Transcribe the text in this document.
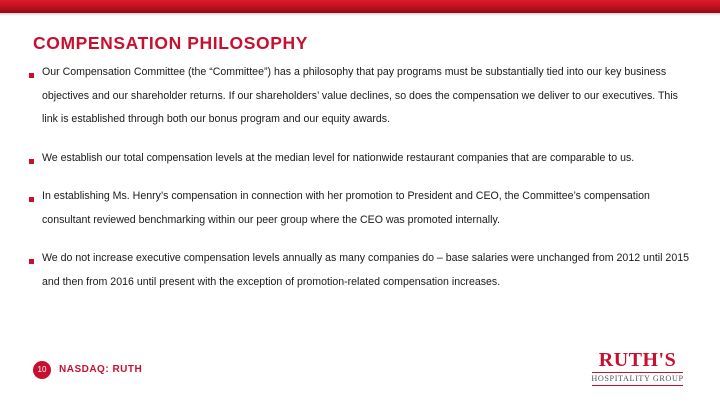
COMPENSATION PHILOSOPHY
Our Compensation Committee (the “Committee”) has a philosophy that pay programs must be substantially tied into our key business objectives and our shareholder returns. If our shareholders’ value declines, so does the compensation we deliver to our executives. This link is established through both our bonus program and our equity awards.
We establish our total compensation levels at the median level for nationwide restaurant companies that are comparable to us.
In establishing Ms. Henry’s compensation in connection with her promotion to President and CEO, the Committee’s compensation consultant reviewed benchmarking within our peer group where the CEO was promoted internally.
We do not increase executive compensation levels annually as many companies do – base salaries were unchanged from 2012 until 2015 and then from 2016 until present with the exception of promotion-related compensation increases.
10	NASDAQ: RUTH	RUTH'S
HOSPITALITY GROUP
